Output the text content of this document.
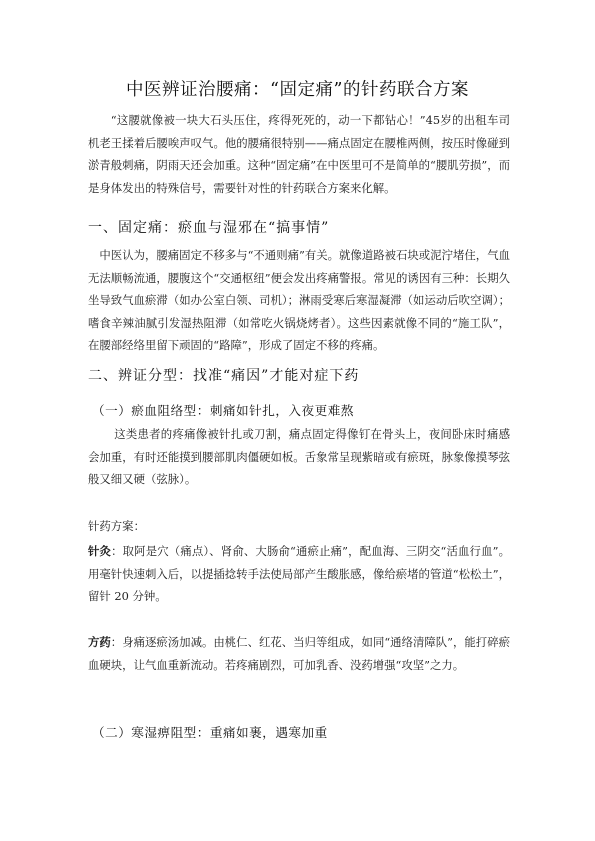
中医辨证治腰痛：“固定痛”的针药联合方案

“这腰就像被一块大石头压住，疼得死死的，动一下都钻心！”45岁的出租车司机老王揉着后腰唉声叹气。他的腰痛很特别——痛点固定在腰椎两侧，按压时像碰到淤青般刺痛，阴雨天还会加重。这种“固定痛”在中医里可不是简单的“腰肌劳损”，而是身体发出的特殊信号，需要针对性的针药联合方案来化解。

一、固定痛：瘀血与湿邪在“搞事情”

中医认为，腰痛固定不移多与“不通则痛”有关。就像道路被石块或泥泞堵住，气血无法顺畅流通，腰腹这个“交通枢纽”便会发出疼痛警报。常见的诱因有三种：长期久坐导致气血瘀滞（如办公室白领、司机）；淋雨受寒后寒湿凝滞（如运动后吹空调）；嗜食辛辣油腻引发湿热阻滞（如常吃火锅烧烤者）。这些因素就像不同的“施工队”，在腰部经络里留下顽固的“路障”，形成了固定不移的疼痛。

二、辨证分型：找准“痛因”才能对症下药
（一）瘀血阻络型：刺痛如针扎，入夜更难熬

这类患者的疼痛像被针扎或刀割，痛点固定得像钉在骨头上，夜间卧床时痛感会加重，有时还能摸到腰部肌肉僵硬如板。舌象常呈现紫暗或有瘀斑，脉象像摸琴弦般又细又硬（弦脉）。

针药方案：

针灸：取阿是穴（痛点）、肾俞、大肠俞“通瘀止痛”，配血海、三阴交“活血行血”。用毫针快速刺入后，以提插捻转手法使局部产生酸胀感，像给瘀堵的管道“松松土”，留针 20 分钟。

方药：身痛逐瘀汤加减。由桃仁、红花、当归等组成，如同“通络清障队”，能打碎瘀血硬块，让气血重新流动。若疼痛剧烈，可加乳香、没药增强“攻坚”之力。

（二）寒湿痹阻型：重痛如裹，遇寒加重
